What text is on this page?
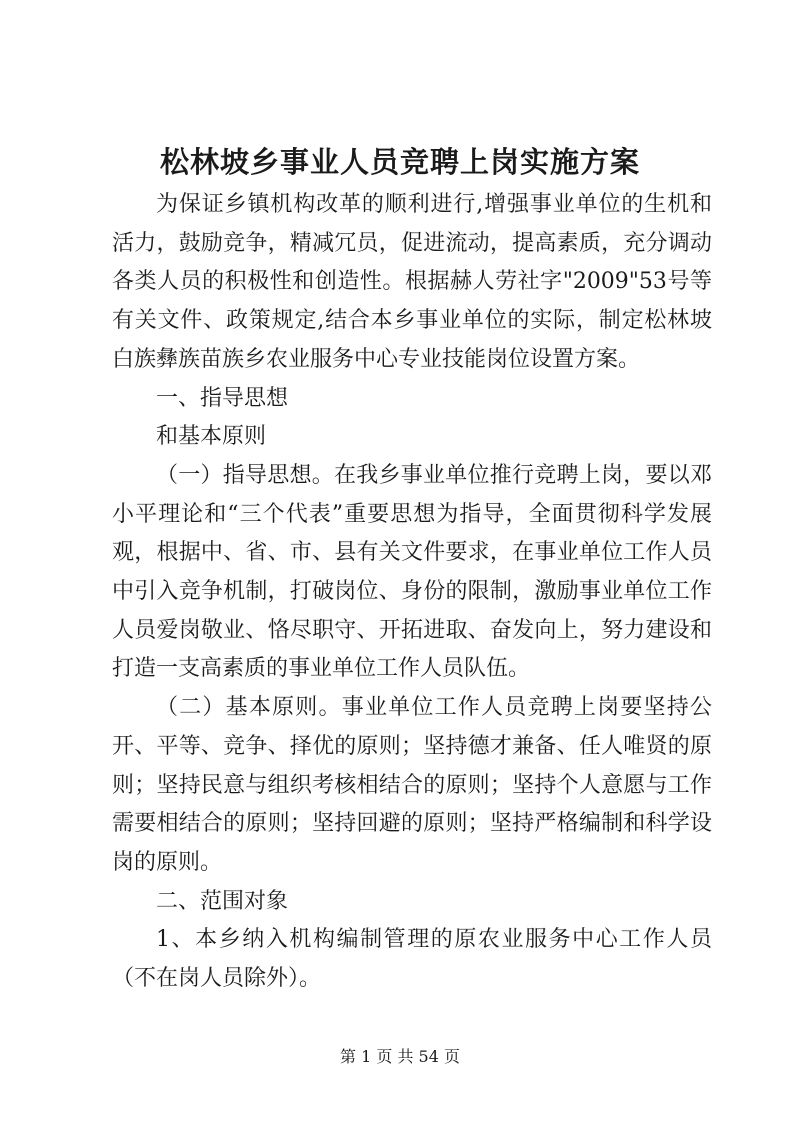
松林坡乡事业人员竞聘上岗实施方案

为保证乡镇机构改革的顺利进行,增强事业单位的生机和活力，鼓励竞争，精减冗员，促进流动，提高素质，充分调动各类人员的积极性和创造性。根据赫人劳社字"2009"53号等有关文件、政策规定,结合本乡事业单位的实际，制定松林坡白族彝族苗族乡农业服务中心专业技能岗位设置方案。

一、指导思想

和基本原则

（一）指导思想。在我乡事业单位推行竞聘上岗，要以邓小平理论和“三个代表”重要思想为指导，全面贯彻科学发展观，根据中、省、市、县有关文件要求，在事业单位工作人员中引入竞争机制，打破岗位、身份的限制，激励事业单位工作人员爱岗敬业、恪尽职守、开拓进取、奋发向上，努力建设和打造一支高素质的事业单位工作人员队伍。

（二）基本原则。事业单位工作人员竞聘上岗要坚持公开、平等、竞争、择优的原则；坚持德才兼备、任人唯贤的原则；坚持民意与组织考核相结合的原则；坚持个人意愿与工作需要相结合的原则；坚持回避的原则；坚持严格编制和科学设岗的原则。

二、范围对象

1、本乡纳入机构编制管理的原农业服务中心工作人员（不在岗人员除外）。

第 1 页 共 54 页
